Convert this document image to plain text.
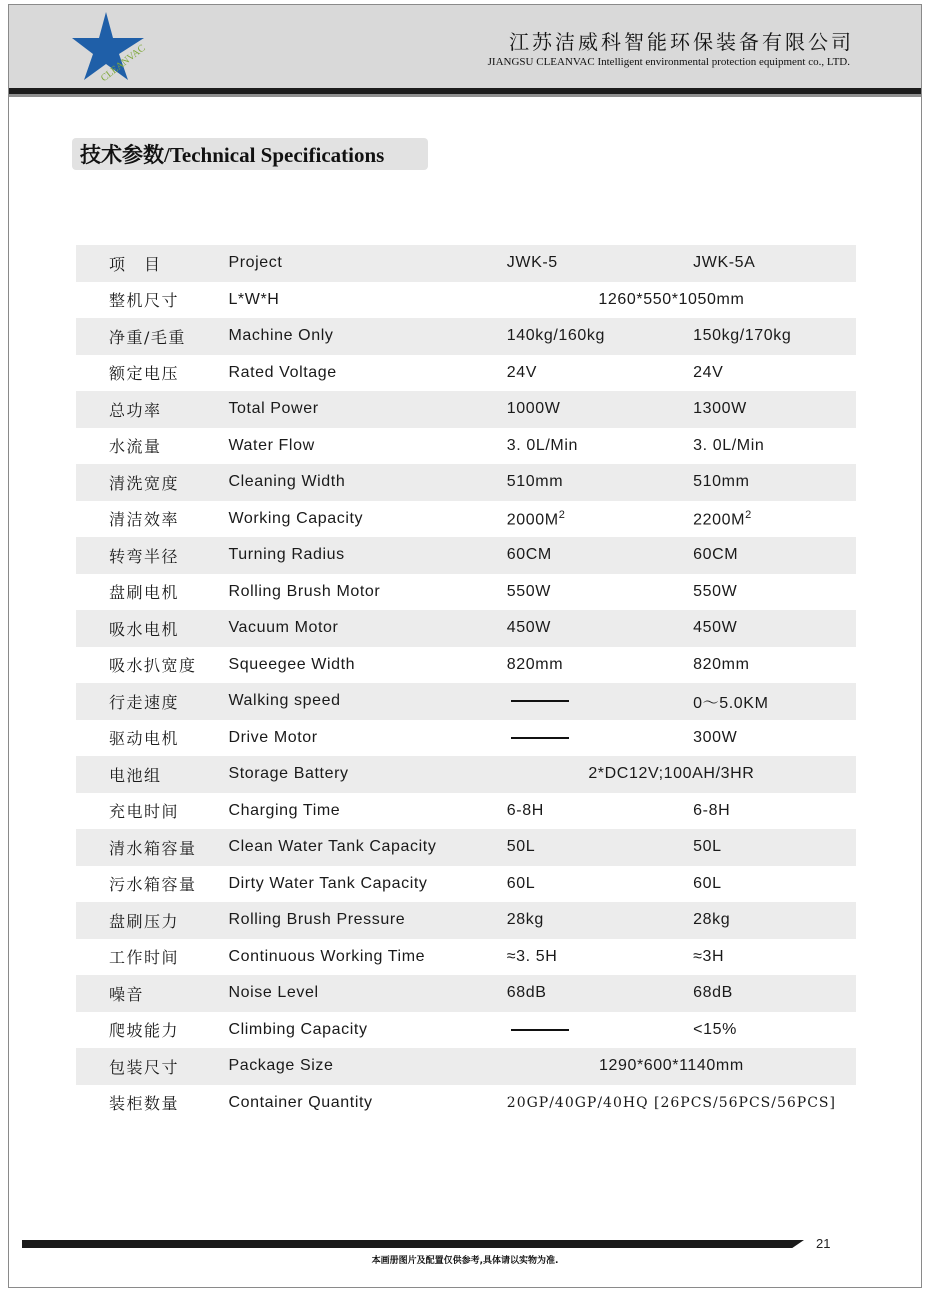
CLEANVAC
江苏洁威科智能环保装备有限公司
JIANGSU CLEANVAC Intelligent environmental protection equipment co., LTD.
技术参数/Technical Specifications
项　目	Project	JWK-5	JWK-5A
整机尺寸	L*W*H	1260*550*1050mm	
净重/毛重	Machine Only	140kg/160kg	150kg/170kg
额定电压	Rated Voltage	24V	24V
总功率	Total Power	1000W	1300W
水流量	Water Flow	3. 0L/Min	3. 0L/Min
清洗宽度	Cleaning Width	510mm	510mm
清洁效率	Working Capacity	$2000M^2$	$2200M^2$
转弯半径	Turning Radius	60CM	60CM
盘刷电机	Rolling Brush Motor	550W	550W
吸水电机	Vacuum Motor	450W	450W
吸水扒宽度	Squeegee Width	820mm	820mm
行走速度	Walking speed		0～5.0KM
驱动电机	Drive Motor		300W
电池组	Storage Battery	2*DC12V;100AH/3HR	
充电时间	Charging Time	6-8H	6-8H
清水箱容量	Clean Water Tank Capacity	50L	50L
污水箱容量	Dirty Water Tank Capacity	60L	60L
盘刷压力	Rolling Brush Pressure	28kg	28kg
工作时间	Continuous Working Time	≈3. 5H	≈3H
噪音	Noise Level	68dB	68dB
爬坡能力	Climbing Capacity		<15%
包装尺寸	Package Size	1290*600*1140mm	
装柜数量	Container Quantity	20GP/40GP/40HQ [26PCS/56PCS/56PCS]	
21
本画册图片及配置仅供参考,具体请以实物为准.
